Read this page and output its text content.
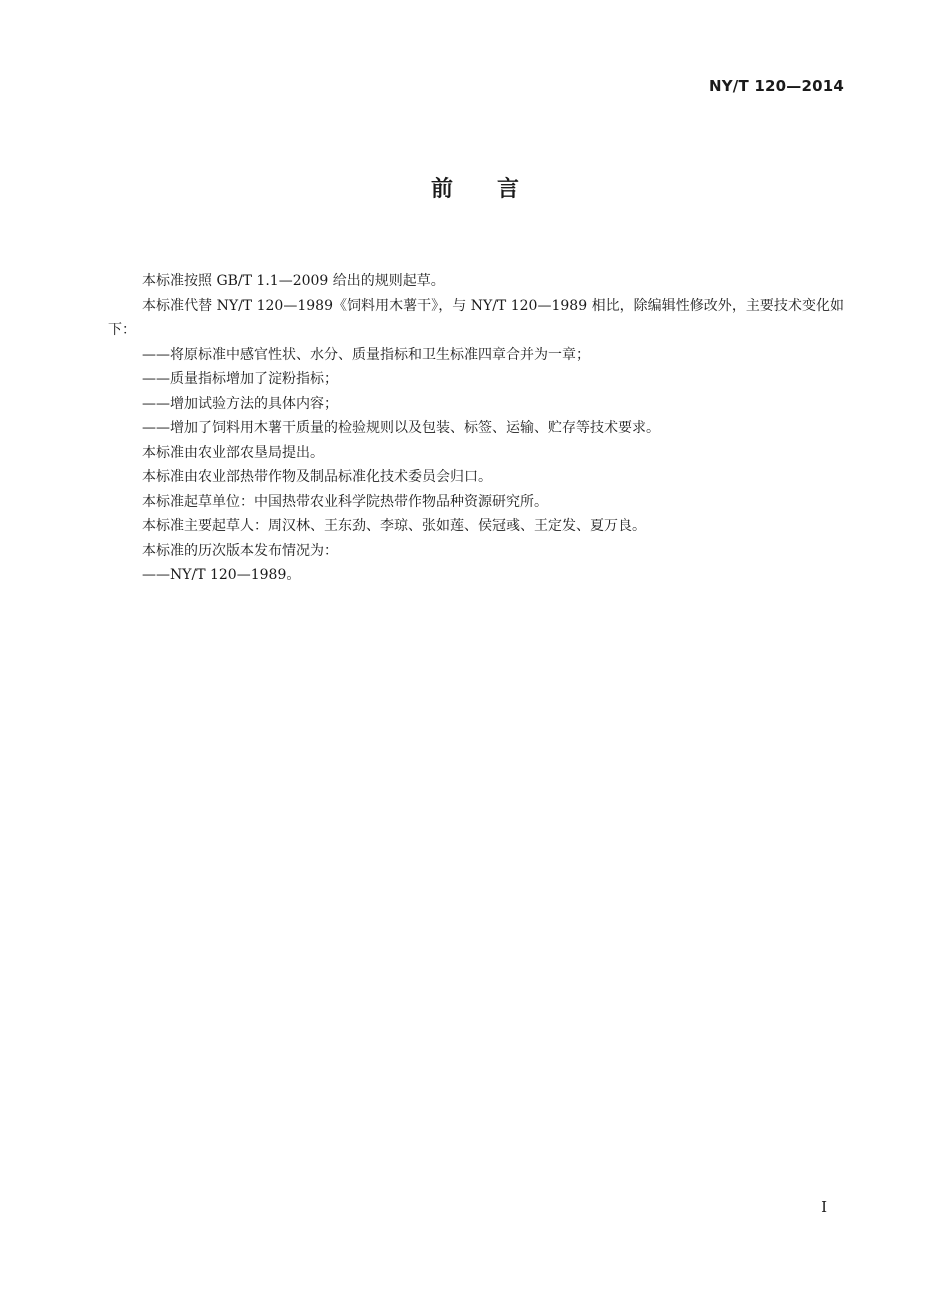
NY/T 120—2014
前言

本标准按照 GB/T 1.1—2009 给出的规则起草。

本标准代替 NY/T 120—1989《饲料用木薯干》，与 NY/T 120—1989 相比，除编辑性修改外，主要技术变化如下：

——将原标准中感官性状、水分、质量指标和卫生标准四章合并为一章；

——质量指标增加了淀粉指标；

——增加试验方法的具体内容；

——增加了饲料用木薯干质量的检验规则以及包装、标签、运输、贮存等技术要求。

本标准由农业部农垦局提出。

本标准由农业部热带作物及制品标准化技术委员会归口。

本标准起草单位：中国热带农业科学院热带作物品种资源研究所。

本标准主要起草人：周汉林、王东劲、李琼、张如莲、侯冠彧、王定发、夏万良。

本标准的历次版本发布情况为：

——NY/T 120—1989。

I
